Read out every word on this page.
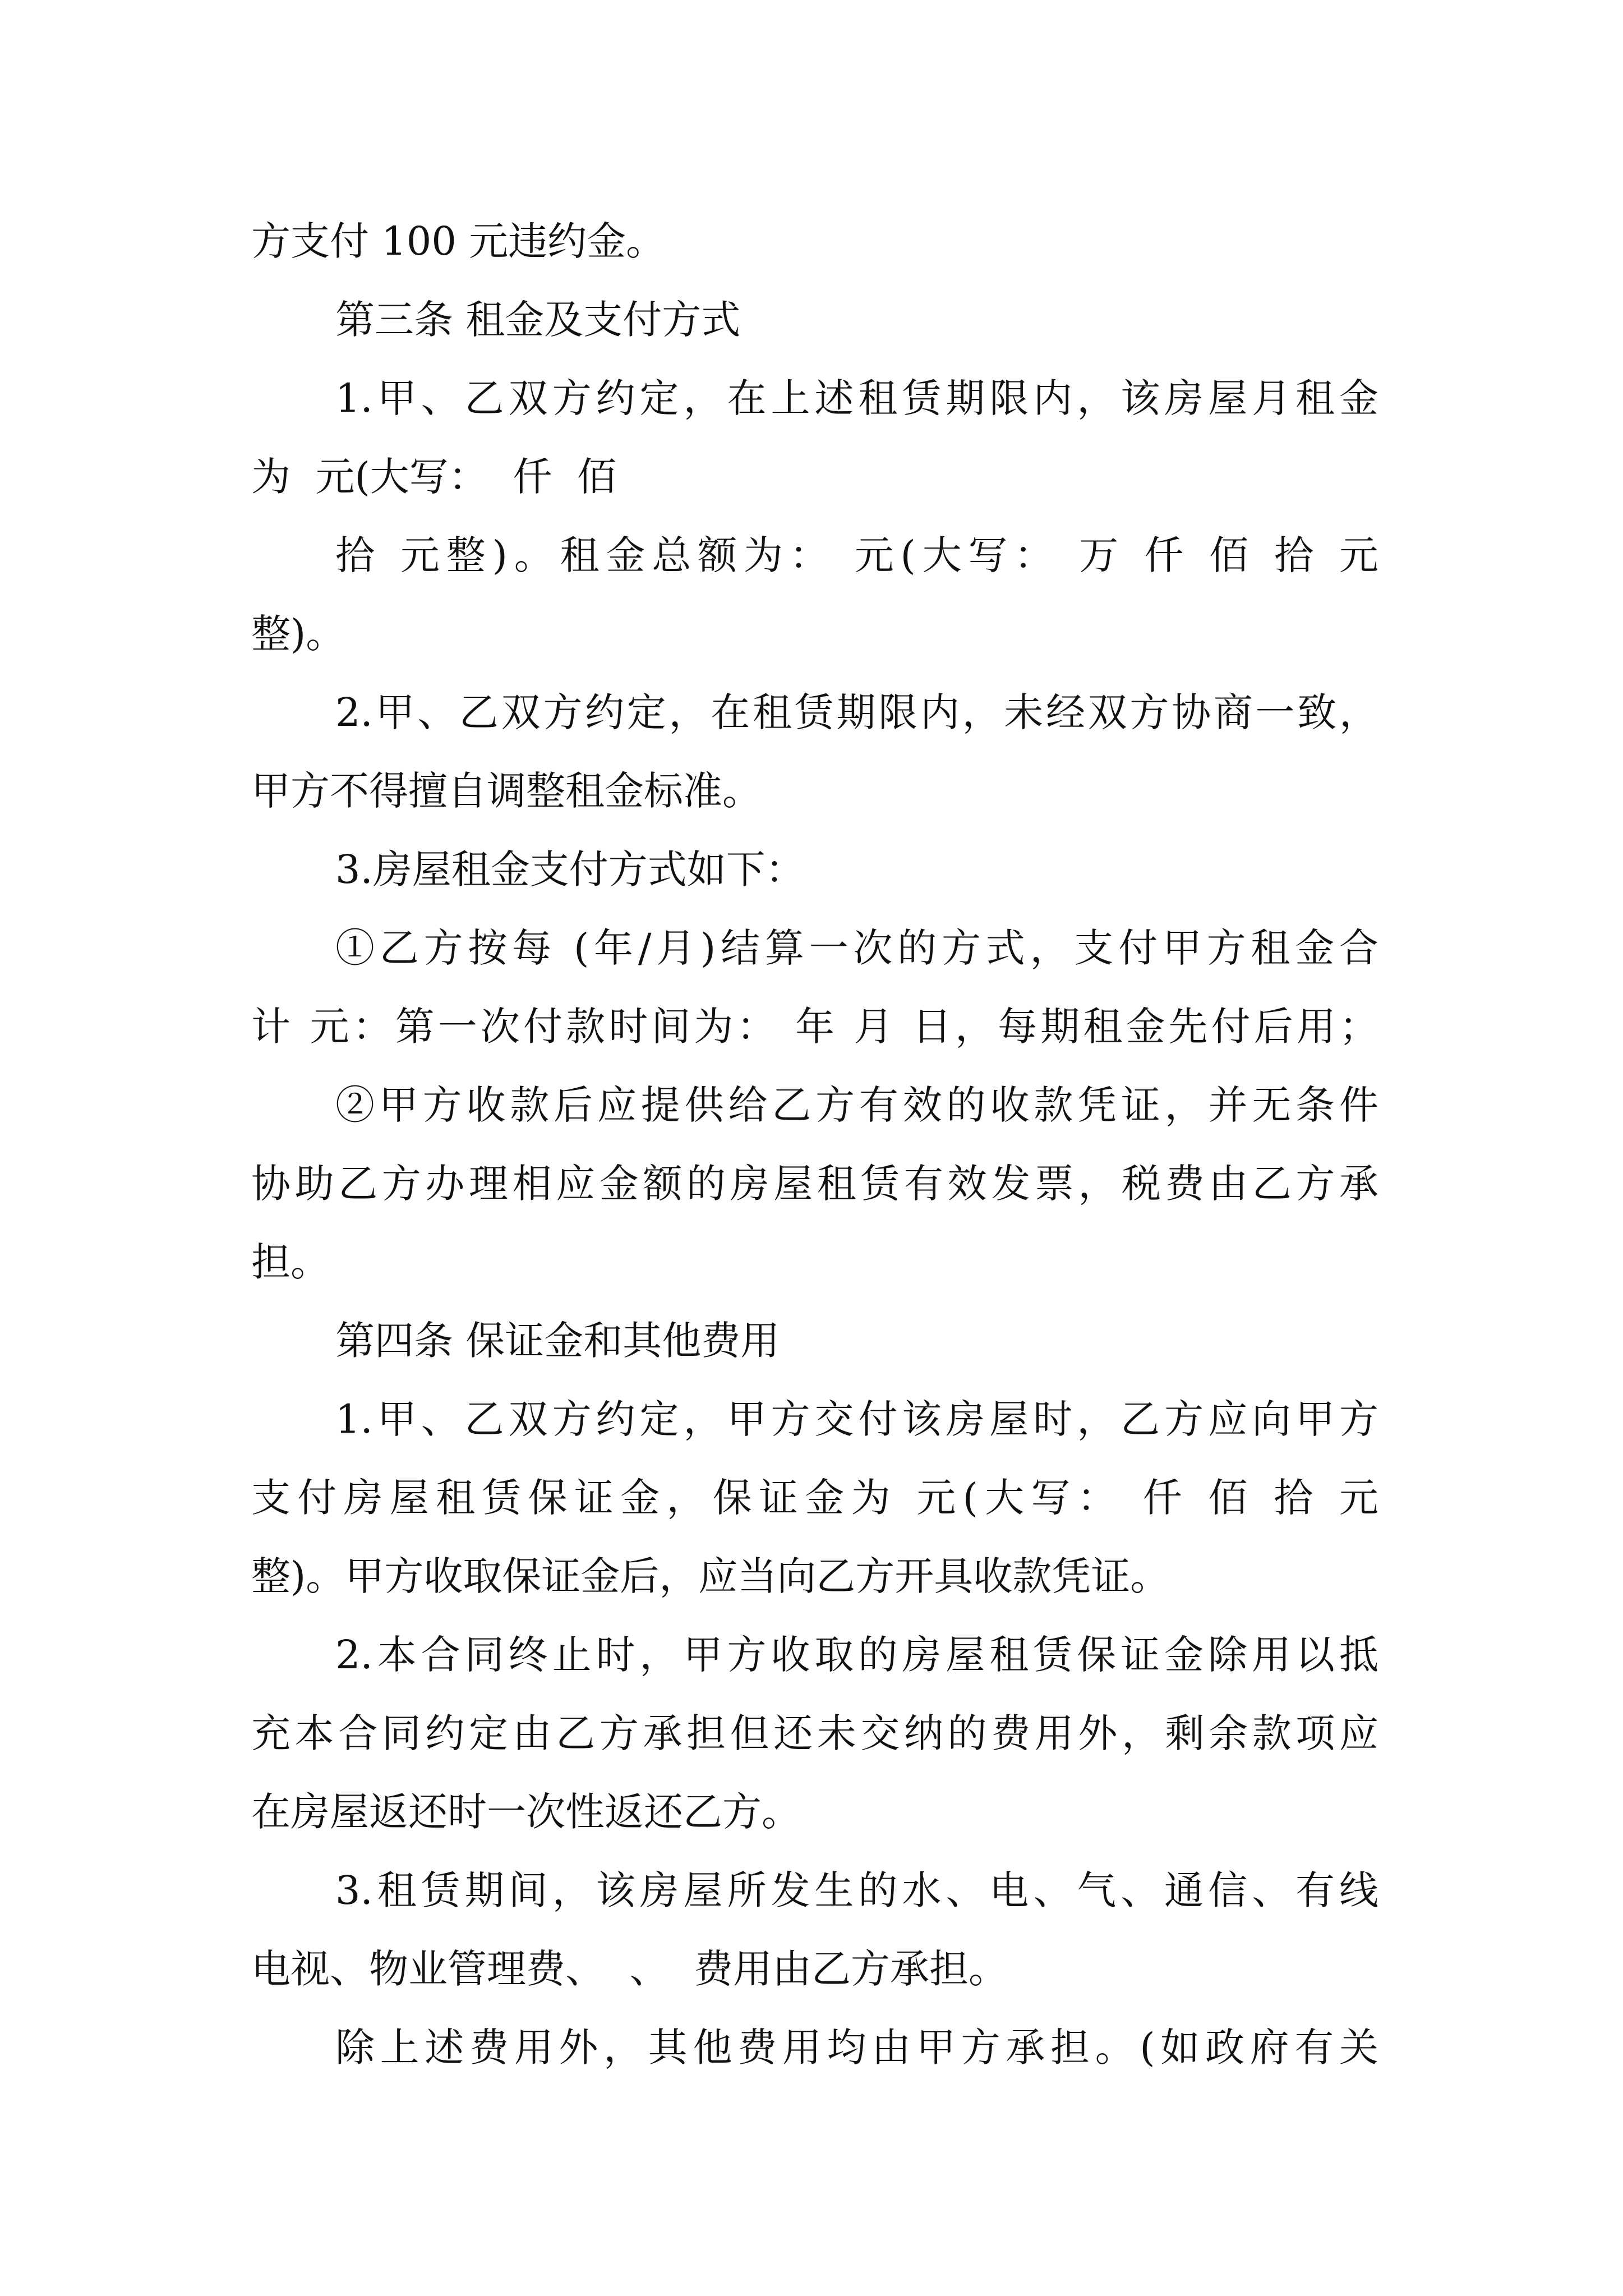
方支付 100 元违约金。

第三条 租金及支付方式

1.甲、乙双方约定，在上述租赁期限内，该房屋月租金

为  元(大写：  仟  佰

拾 元整)。租金总额为： 元(大写： 万 仟 佰 拾 元

整)。

2.甲、乙双方约定，在租赁期限内，未经双方协商一致，

甲方不得擅自调整租金标准。

3.房屋租金支付方式如下：

①乙方按每 (年/月)结算一次的方式，支付甲方租金合

计 元：第一次付款时间为： 年 月 日，每期租金先付后用；

②甲方收款后应提供给乙方有效的收款凭证，并无条件

协助乙方办理相应金额的房屋租赁有效发票，税费由乙方承

担。

第四条 保证金和其他费用

1.甲、乙双方约定，甲方交付该房屋时，乙方应向甲方

支付房屋租赁保证金，保证金为 元(大写： 仟 佰 拾 元

整)。甲方收取保证金后，应当向乙方开具收款凭证。

2.本合同终止时，甲方收取的房屋租赁保证金除用以抵

充本合同约定由乙方承担但还未交纳的费用外，剩余款项应

在房屋返还时一次性返还乙方。

3.租赁期间，该房屋所发生的水、电、气、通信、有线

电视、物业管理费、  、  费用由乙方承担。

除上述费用外，其他费用均由甲方承担。(如政府有关
